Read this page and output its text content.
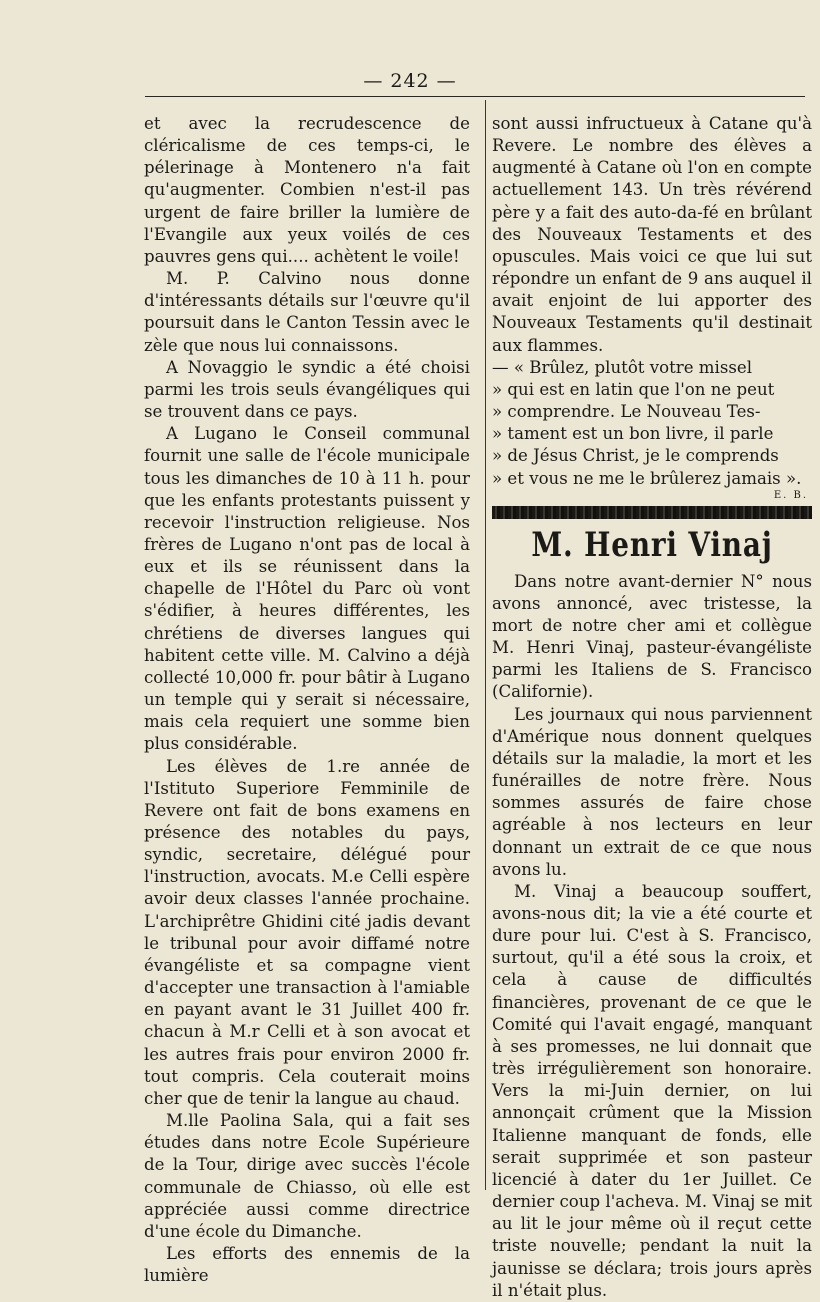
— 242 —

et avec la recrudescence de cléricalisme de ces temps-ci, le pélerinage à Montenero n'a fait qu'augmenter. Combien n'est-il pas urgent de faire briller la lumière de l'Evangile aux yeux voilés de ces pauvres gens qui.... achètent le voile!

M. P. Calvino nous donne d'intéressants détails sur l'œuvre qu'il poursuit dans le Canton Tessin avec le zèle que nous lui connaissons.

A Novaggio le syndic a été choisi parmi les trois seuls évangéliques qui se trouvent dans ce pays.

A Lugano le Conseil communal fournit une salle de l'école municipale tous les dimanches de 10 à 11 h. pour que les enfants protestants puissent y recevoir l'instruction religieuse. Nos frères de Lugano n'ont pas de local à eux et ils se réunissent dans la chapelle de l'Hôtel du Parc où vont s'édifier, à heures différentes, les chrétiens de diverses langues qui habitent cette ville. M. Calvino a déjà collecté 10,000 fr. pour bâtir à Lugano un temple qui y serait si nécessaire, mais cela requiert une somme bien plus considérable.

Les élèves de 1.re année de l'Istituto Superiore Femminile de Revere ont fait de bons examens en présence des notables du pays, syndic, secretaire, délégué pour l'instruction, avocats. M.e Celli espère avoir deux classes l'année prochaine. L'archiprêtre Ghidini cité jadis devant le tribunal pour avoir diffamé notre évangéliste et sa compagne vient d'accepter une transaction à l'amiable en payant avant le 31 Juillet 400 fr. chacun à M.r Celli et à son avocat et les autres frais pour environ 2000 fr. tout compris. Cela couterait moins cher que de tenir la langue au chaud.

M.lle Paolina Sala, qui a fait ses études dans notre Ecole Supérieure de la Tour, dirige avec succès l'école communale de Chiasso, où elle est appréciée aussi comme directrice d'une école du Dimanche.

Les efforts des ennemis de la lumière

sont aussi infructueux à Catane qu'à Revere. Le nombre des élèves a augmenté à Catane où l'on en compte actuellement 143. Un très révérend père y a fait des auto-da-fé en brûlant des Nouveaux Testaments et des opuscules. Mais voici ce que lui sut répondre un enfant de 9 ans auquel il avait enjoint de lui apporter des Nouveaux Testaments qu'il destinait aux flammes.

— « Brûlez, plutôt votre missel

» qui est en latin que l'on ne peut

» comprendre. Le Nouveau Tes-

» tament est un bon livre, il parle

» de Jésus Christ, je le comprends

» et vous ne me le brûlerez jamais ».

E. B.
M. Henri Vinaj

Dans notre avant-dernier N° nous avons annoncé, avec tristesse, la mort de notre cher ami et collègue M. Henri Vinaj, pasteur-évangéliste parmi les Italiens de S. Francisco (Californie).

Les journaux qui nous parviennent d'Amérique nous donnent quelques détails sur la maladie, la mort et les funérailles de notre frère. Nous sommes assurés de faire chose agréable à nos lecteurs en leur donnant un extrait de ce que nous avons lu.

M. Vinaj a beaucoup souffert, avons-nous dit; la vie a été courte et dure pour lui. C'est à S. Francisco, surtout, qu'il a été sous la croix, et cela à cause de difficultés financières, provenant de ce que le Comité qui l'avait engagé, manquant à ses promesses, ne lui donnait que très irrégulièrement son honoraire. Vers la mi-Juin dernier, on lui annonçait crûment que la Mission Italienne manquant de fonds, elle serait supprimée et son pasteur licencié à dater du 1er Juillet. Ce dernier coup l'acheva. M. Vinaj se mit au lit le jour même où il reçut cette triste nouvelle; pendant la nuit la jaunisse se déclara; trois jours après il n'était plus.
